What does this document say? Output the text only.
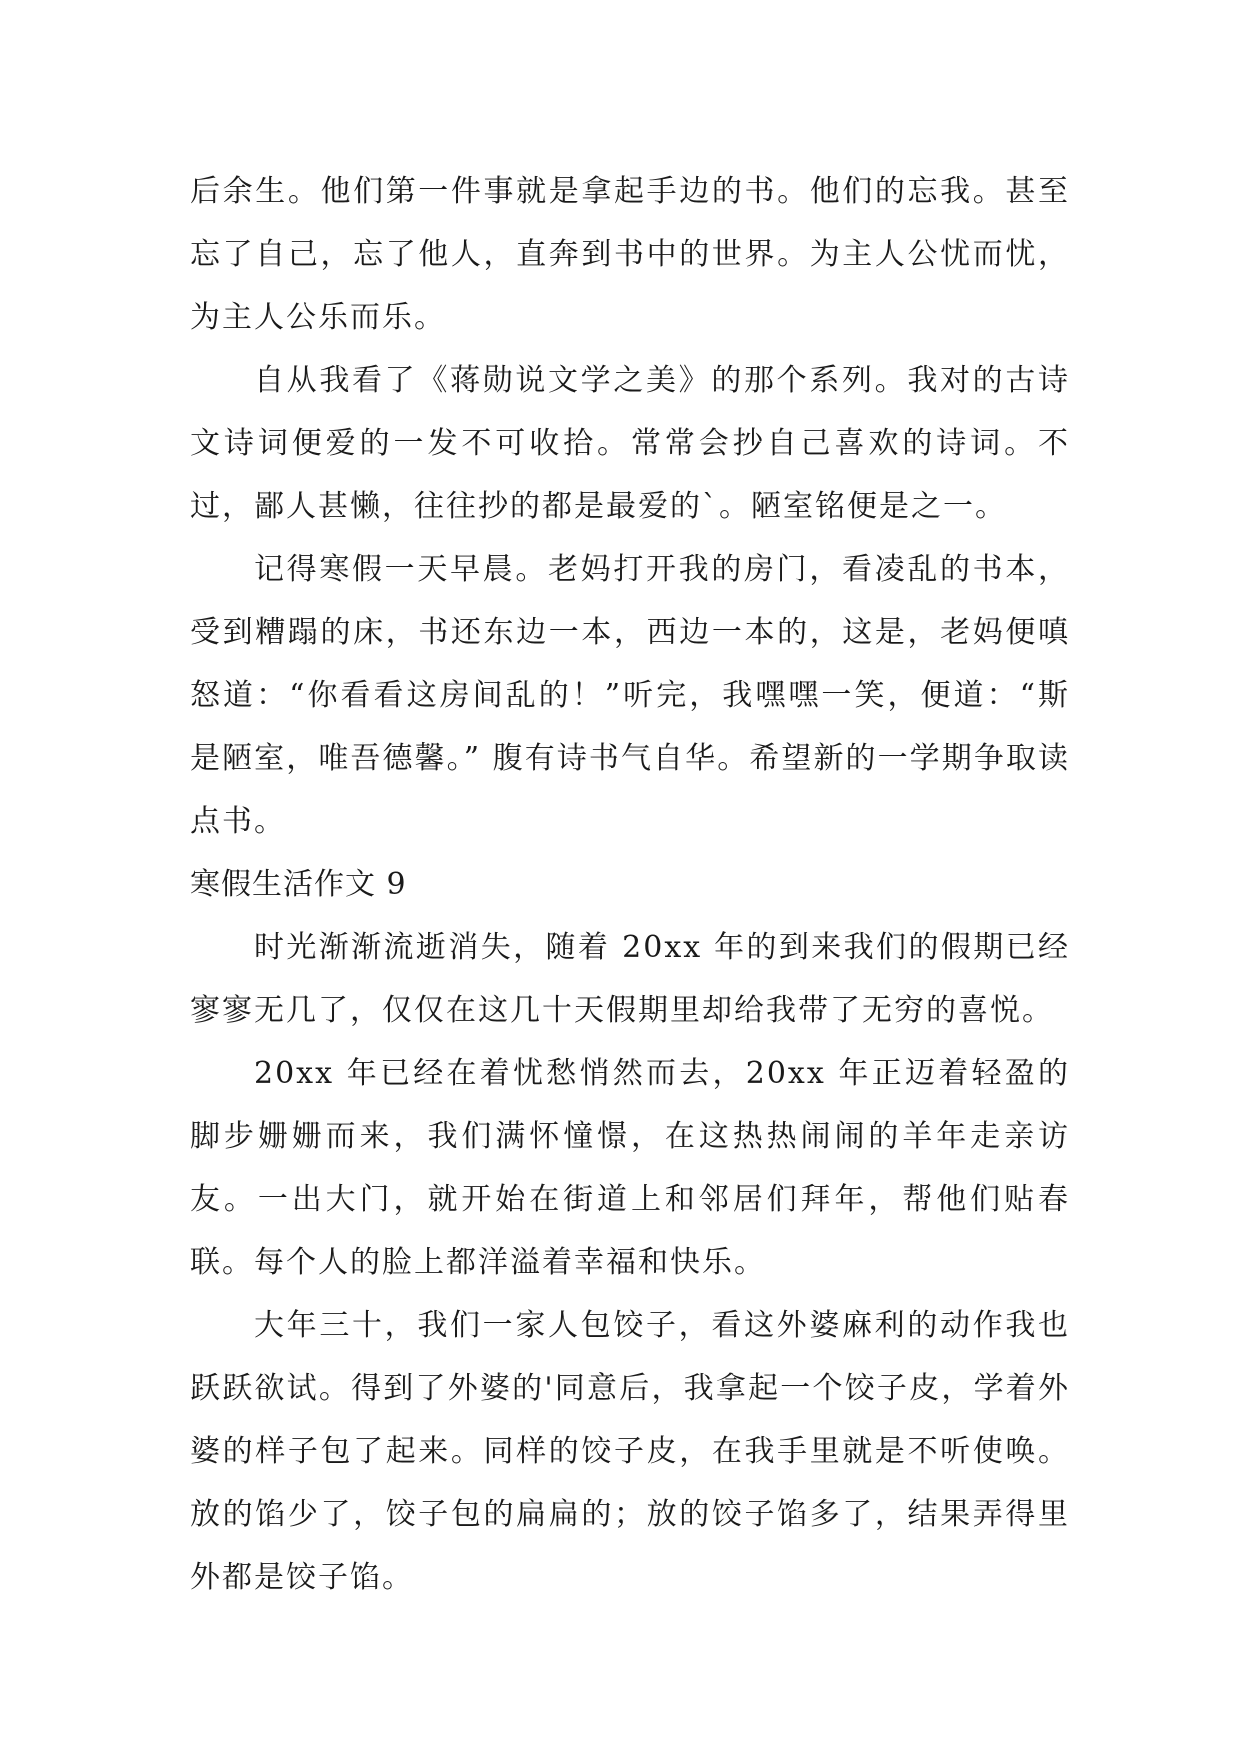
后余生。他们第一件事就是拿起手边的书。他们的忘我。甚至忘了自己，忘了他人，直奔到书中的世界。为主人公忧而忧，为主人公乐而乐。

自从我看了《蒋勋说文学之美》的那个系列。我对的古诗文诗词便爱的一发不可收拾。常常会抄自己喜欢的诗词。不过，鄙人甚懒，往往抄的都是最爱的`。陋室铭便是之一。

记得寒假一天早晨。老妈打开我的房门，看凌乱的书本，受到糟蹋的床，书还东边一本，西边一本的，这是，老妈便嗔怒道：“你看看这房间乱的！”听完，我嘿嘿一笑，便道：“斯是陋室，唯吾德馨。” 腹有诗书气自华。希望新的一学期争取读点书。

寒假生活作文 9

时光渐渐流逝消失，随着 20xx 年的到来我们的假期已经寥寥无几了，仅仅在这几十天假期里却给我带了无穷的喜悦。

20xx 年已经在着忧愁悄然而去，20xx 年正迈着轻盈的脚步姗姗而来，我们满怀憧憬，在这热热闹闹的羊年走亲访友。一出大门，就开始在街道上和邻居们拜年，帮他们贴春联。每个人的脸上都洋溢着幸福和快乐。

大年三十，我们一家人包饺子，看这外婆麻利的动作我也跃跃欲试。得到了外婆的'同意后，我拿起一个饺子皮，学着外婆的样子包了起来。同样的饺子皮，在我手里就是不听使唤。放的馅少了，饺子包的扁扁的；放的饺子馅多了，结果弄得里外都是饺子馅。
